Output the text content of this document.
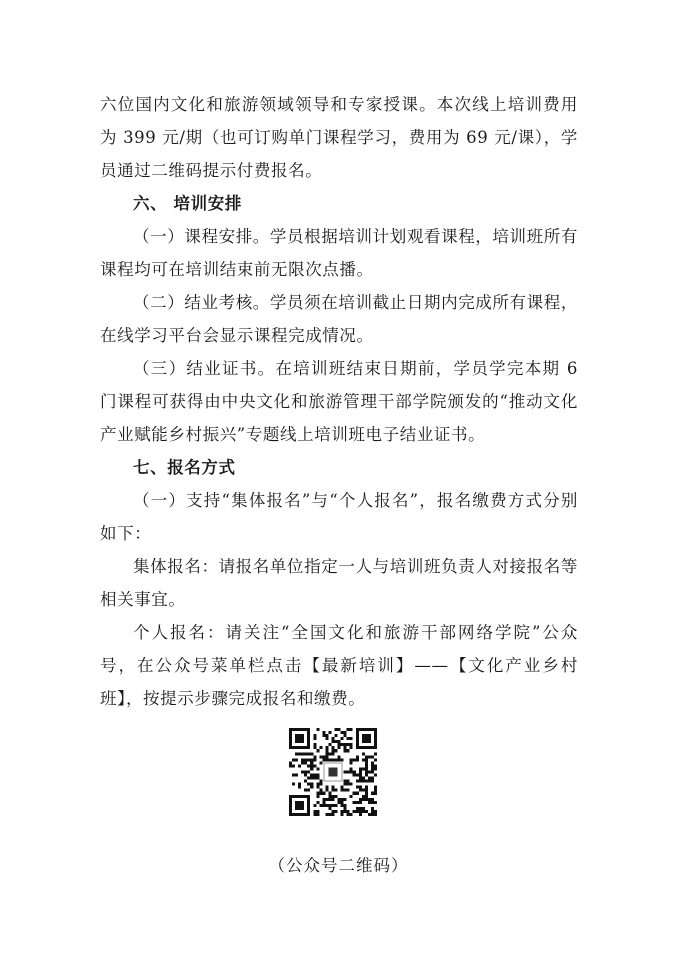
六位国内文化和旅游领域领导和专家授课。本次线上培训费用为 399 元/期（也可订购单门课程学习，费用为 69 元/课），学员通过二维码提示付费报名。

六、 培训安排

（一）课程安排。学员根据培训计划观看课程，培训班所有课程均可在培训结束前无限次点播。

（二）结业考核。学员须在培训截止日期内完成所有课程，在线学习平台会显示课程完成情况。

（三）结业证书。在培训班结束日期前，学员学完本期 6 门课程可获得由中央文化和旅游管理干部学院颁发的“推动文化产业赋能乡村振兴”专题线上培训班电子结业证书。

七、报名方式

（一）支持“集体报名”与“个人报名”，报名缴费方式分别如下：

集体报名：请报名单位指定一人与培训班负责人对接报名等相关事宜。

个人报名：请关注“全国文化和旅游干部网络学院”公众号，在公众号菜单栏点击【最新培训】——【文化产业乡村班】，按提示步骤完成报名和缴费。

（公众号二维码）
